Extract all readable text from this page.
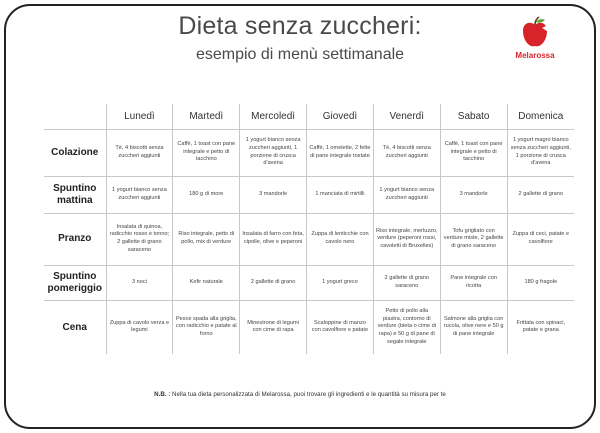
Dieta senza zuccheri:
esempio di menù settimanale	Melarossa
	Lunedì	Martedì	Mercoledì	Giovedì	Venerdì	Sabato	Domenica
Colazione	Tè, 4 biscotti senza zuccheri aggiunti	Caffè, 1 toast con pane integrale e petto di tacchino	1 yogurt bianco senza zuccheri aggiunti, 1 porzione di crusca d'avena	Caffè, 1 omelette, 2 fette di pane integrale tostate	Tè, 4 biscotti senza zuccheri aggiunti	Caffè, 1 toast con pane integrale e petto di tacchino	1 yogurt magro bianco senza zuccheri aggiunti, 1 porzione di crusca d'avena
Spuntino mattina	1 yogurt bianco senza zuccheri aggiunti	180 g di more	3 mandorle	1 manciata di mirtilli	1 yogurt bianco senza zuccheri aggiunti	3 mandorle	2 gallette di grano
Pranzo	Insalata di quinoa, radicchio rosso e tonno; 2 gallette di grano saraceno	Riso integrale, petto di pollo, mix di verdure	Insalata di farro con feta, cipolle, olive e peperoni	Zuppa di lenticchie con cavolo nero	Riso integrale, merluzzo, verdure (peperoni rossi, cavoletti di Bruxelles)	Tofu grigliato con verdure miste, 2 gallette di grano saraceno	Zuppa di ceci, patate e cavolfiore
Spuntino pomeriggio	3 noci	Kefir naturale	2 gallette di grano	1 yogurt greco	2 gallette di grano saraceno	Pane integrale con ricotta	180 g fragole
Cena	Zuppa di cavolo verza e legumi	Pesce spada alla griglia, con radicchio e patate al forno	Minestrone di legumi con cime di rapa	Scaloppine di manzo con cavolfiore e patate	Petto di pollo alla piastra, contorno di verdure (bieta o cime di rapa) e 50 g di pane di segale integrale	Salmone alla griglia con rucola, olive nere e 50 g di pane integrale	Frittata con spinaci, patate e grana
N.B. : Nella tua dieta personalizzata di Melarossa, puoi trovare gli ingredienti e le quantità su misura per te
